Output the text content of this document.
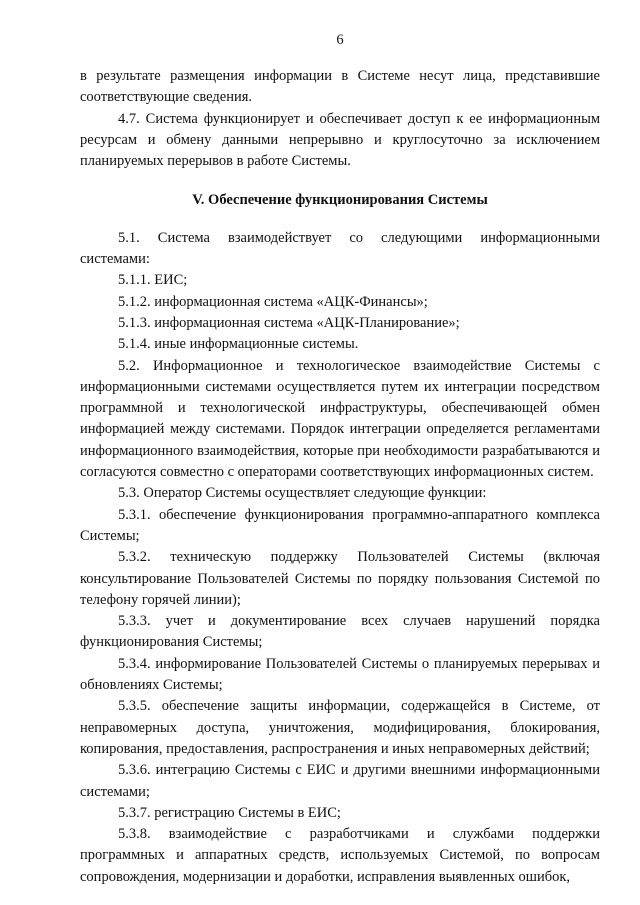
6

в результате размещения информации в Системе несут лица, представившие соответствующие сведения.

4.7. Система функционирует и обеспечивает доступ к ее информационным ресурсам и обмену данными непрерывно и круглосуточно за исключением планируемых перерывов в работе Системы.

V. Обеспечение функционирования Системы

5.1. Система взаимодействует со следующими информационными системами:

5.1.1. ЕИС;

5.1.2. информационная система «АЦК-Финансы»;

5.1.3. информационная система «АЦК-Планирование»;

5.1.4. иные информационные системы.

5.2. Информационное и технологическое взаимодействие Системы с информационными системами осуществляется путем их интеграции посредством программной и технологической инфраструктуры, обеспечивающей обмен информацией между системами. Порядок интеграции определяется регламентами информационного взаимодействия, которые при необходимости разрабатываются и согласуются совместно с операторами соответствующих информационных систем.

5.3. Оператор Системы осуществляет следующие функции:

5.3.1. обеспечение функционирования программно-аппаратного комплекса Системы;

5.3.2. техническую поддержку Пользователей Системы (включая консультирование Пользователей Системы по порядку пользования Системой по телефону горячей линии);

5.3.3. учет и документирование всех случаев нарушений порядка функционирования Системы;

5.3.4. информирование Пользователей Системы о планируемых перерывах и обновлениях Системы;

5.3.5. обеспечение защиты информации, содержащейся в Системе, от неправомерных доступа, уничтожения, модифицирования, блокирования, копирования, предоставления, распространения и иных неправомерных действий;

5.3.6. интеграцию Системы с ЕИС и другими внешними информационными системами;

5.3.7. регистрацию Системы в ЕИС;

5.3.8. взаимодействие с разработчиками и службами поддержки программных и аппаратных средств, используемых Системой, по вопросам сопровождения, модернизации и доработки, исправления выявленных ошибок,
